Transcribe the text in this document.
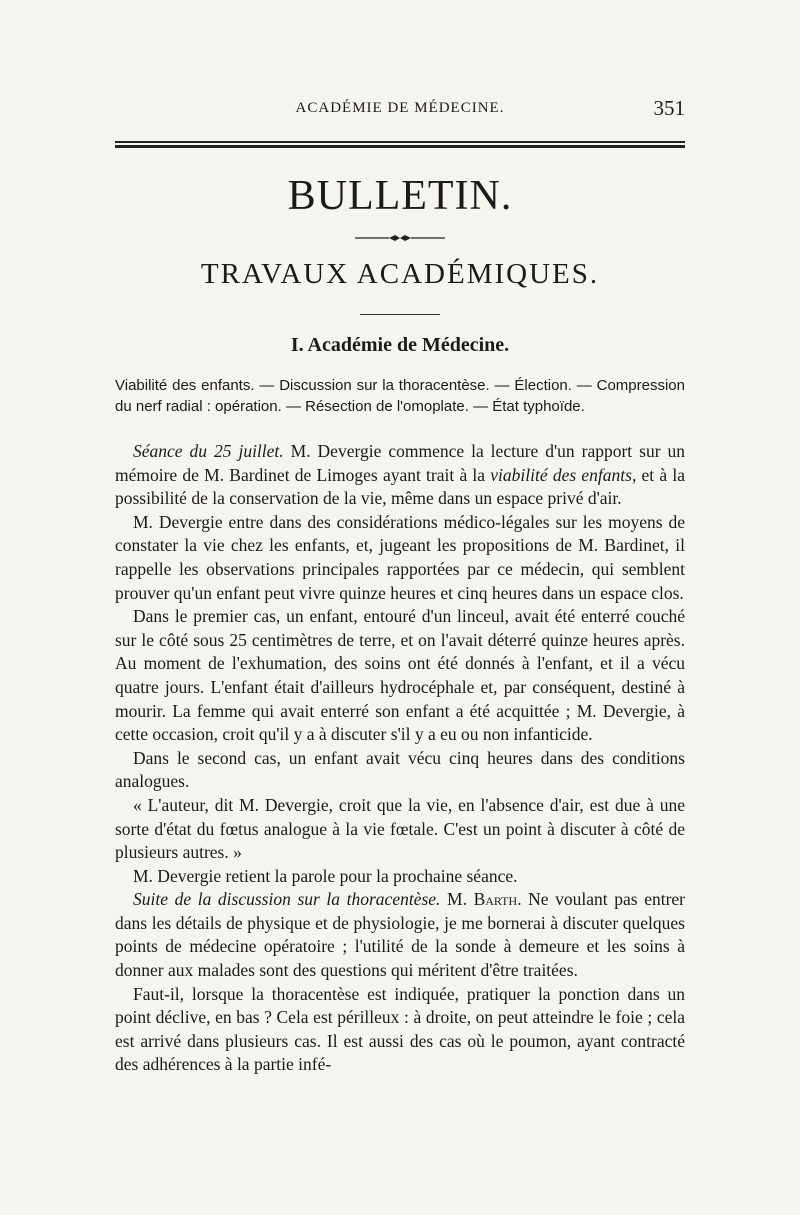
ACADÉMIE DE MÉDECINE.	351
BULLETIN.
TRAVAUX ACADÉMIQUES.
I. Académie de Médecine.
Viabilité des enfants. — Discussion sur la thoracentèse. — Élection. — Compression du nerf radial : opération. — Résection de l'omoplate. — État typhoïde.

Séance du 25 juillet. M. Devergie commence la lecture d'un rapport sur un mémoire de M. Bardinet de Limoges ayant trait à la viabilité des enfants, et à la possibilité de la conservation de la vie, même dans un espace privé d'air.

M. Devergie entre dans des considérations médico-légales sur les moyens de constater la vie chez les enfants, et, jugeant les propositions de M. Bardinet, il rappelle les observations principales rapportées par ce médecin, qui semblent prouver qu'un enfant peut vivre quinze heures et cinq heures dans un espace clos.

Dans le premier cas, un enfant, entouré d'un linceul, avait été enterré couché sur le côté sous 25 centimètres de terre, et on l'avait déterré quinze heures après. Au moment de l'exhumation, des soins ont été donnés à l'enfant, et il a vécu quatre jours. L'enfant était d'ailleurs hydrocéphale et, par conséquent, destiné à mourir. La femme qui avait enterré son enfant a été acquittée ; M. Devergie, à cette occasion, croit qu'il y a à discuter s'il y a eu ou non infanticide.

Dans le second cas, un enfant avait vécu cinq heures dans des conditions analogues.

« L'auteur, dit M. Devergie, croit que la vie, en l'absence d'air, est due à une sorte d'état du fœtus analogue à la vie fœtale. C'est un point à discuter à côté de plusieurs autres. »

M. Devergie retient la parole pour la prochaine séance.

Suite de la discussion sur la thoracentèse. M. Barth. Ne voulant pas entrer dans les détails de physique et de physiologie, je me bornerai à discuter quelques points de médecine opératoire ; l'utilité de la sonde à demeure et les soins à donner aux malades sont des questions qui méritent d'être traitées.

Faut-il, lorsque la thoracentèse est indiquée, pratiquer la ponction dans un point déclive, en bas ? Cela est périlleux : à droite, on peut atteindre le foie ; cela est arrivé dans plusieurs cas. Il est aussi des cas où le poumon, ayant contracté des adhérences à la partie infé-
